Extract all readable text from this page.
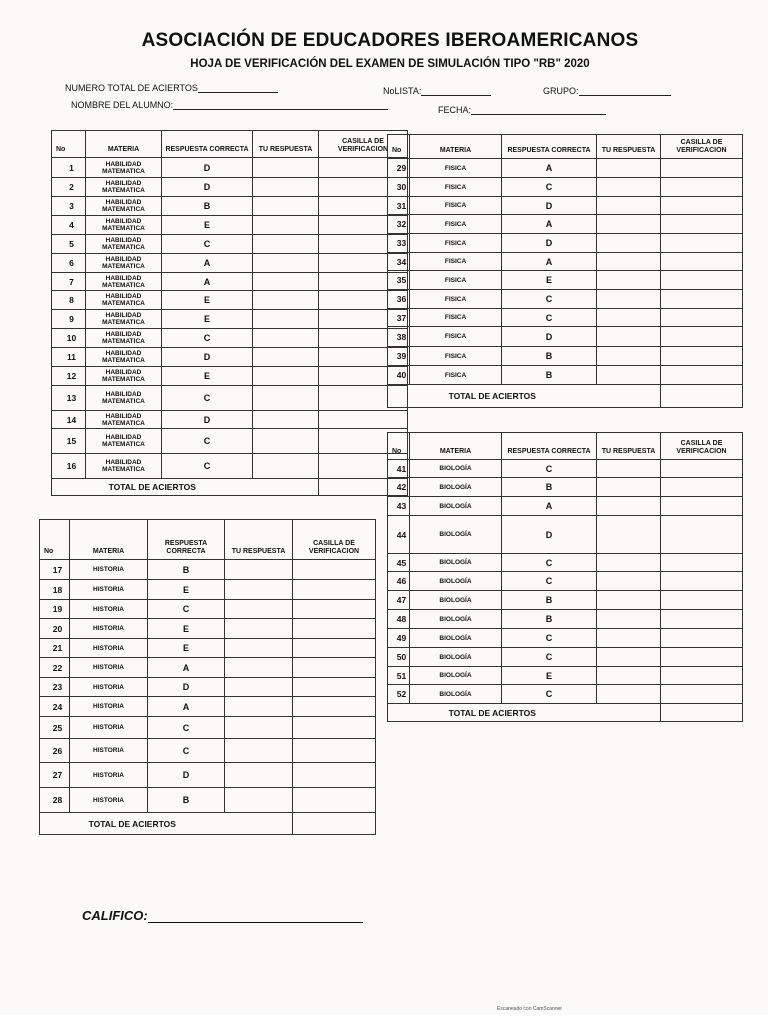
ASOCIACIÓN DE EDUCADORES IBEROAMERICANOS
HOJA DE VERIFICACIÓN DEL EXAMEN DE SIMULACIÓN TIPO "RB" 2020
NUMERO TOTAL DE ACIERTOS	NoLISTA:	GRUPO:
NOMBRE DEL ALUMNO:	FECHA:
No	MATERIA	RESPUESTA CORRECTA	TU RESPUESTA	CASILLA DE VERIFICACION
1	HABILIDAD MATEMATICA	D		
2	HABILIDAD MATEMATICA	D		
3	HABILIDAD MATEMATICA	B		
4	HABILIDAD MATEMATICA	E		
5	HABILIDAD MATEMATICA	C		
6	HABILIDAD MATEMATICA	A		
7	HABILIDAD MATEMATICA	A		
8	HABILIDAD MATEMATICA	E		
9	HABILIDAD MATEMATICA	E		
10	HABILIDAD MATEMATICA	C		
11	HABILIDAD MATEMATICA	D		
12	HABILIDAD MATEMATICA	E		
13	HABILIDAD MATEMATICA	C		
14	HABILIDAD MATEMATICA	D		
15	HABILIDAD MATEMATICA	C		
16	HABILIDAD MATEMATICA	C		
TOTAL DE ACIERTOS				
No	MATERIA	RESPUESTA CORRECTA	TU RESPUESTA	CASILLA DE VERIFICACION
17	HISTORIA	B		
18	HISTORIA	E		
19	HISTORIA	C		
20	HISTORIA	E		
21	HISTORIA	E		
22	HISTORIA	A		
23	HISTORIA	D		
24	HISTORIA	A		
25	HISTORIA	C		
26	HISTORIA	C		
27	HISTORIA	D		
28	HISTORIA	B		
TOTAL DE ACIERTOS				
No	MATERIA	RESPUESTA CORRECTA	TU RESPUESTA	CASILLA DE VERIFICACION
29	FISICA	A		
30	FISICA	C		
31	FISICA	D		
32	FISICA	A		
33	FISICA	D		
34	FISICA	A		
35	FISICA	E		
36	FISICA	C		
37	FISICA	C		
38	FISICA	D		
39	FISICA	B		
40	FISICA	B		
TOTAL DE ACIERTOS				
No	MATERIA	RESPUESTA CORRECTA	TU RESPUESTA	CASILLA DE VERIFICACION
41	BIOLOGÍA	C		
42	BIOLOGÍA	B		
43	BIOLOGÍA	A		
44	BIOLOGÍA	D		
45	BIOLOGÍA	C		
46	BIOLOGÍA	C		
47	BIOLOGÍA	B		
48	BIOLOGÍA	B		
49	BIOLOGÍA	C		
50	BIOLOGÍA	C		
51	BIOLOGÍA	E		
52	BIOLOGÍA	C		
TOTAL DE ACIERTOS				
CALIFICO:
Escaneado con CamScanner
